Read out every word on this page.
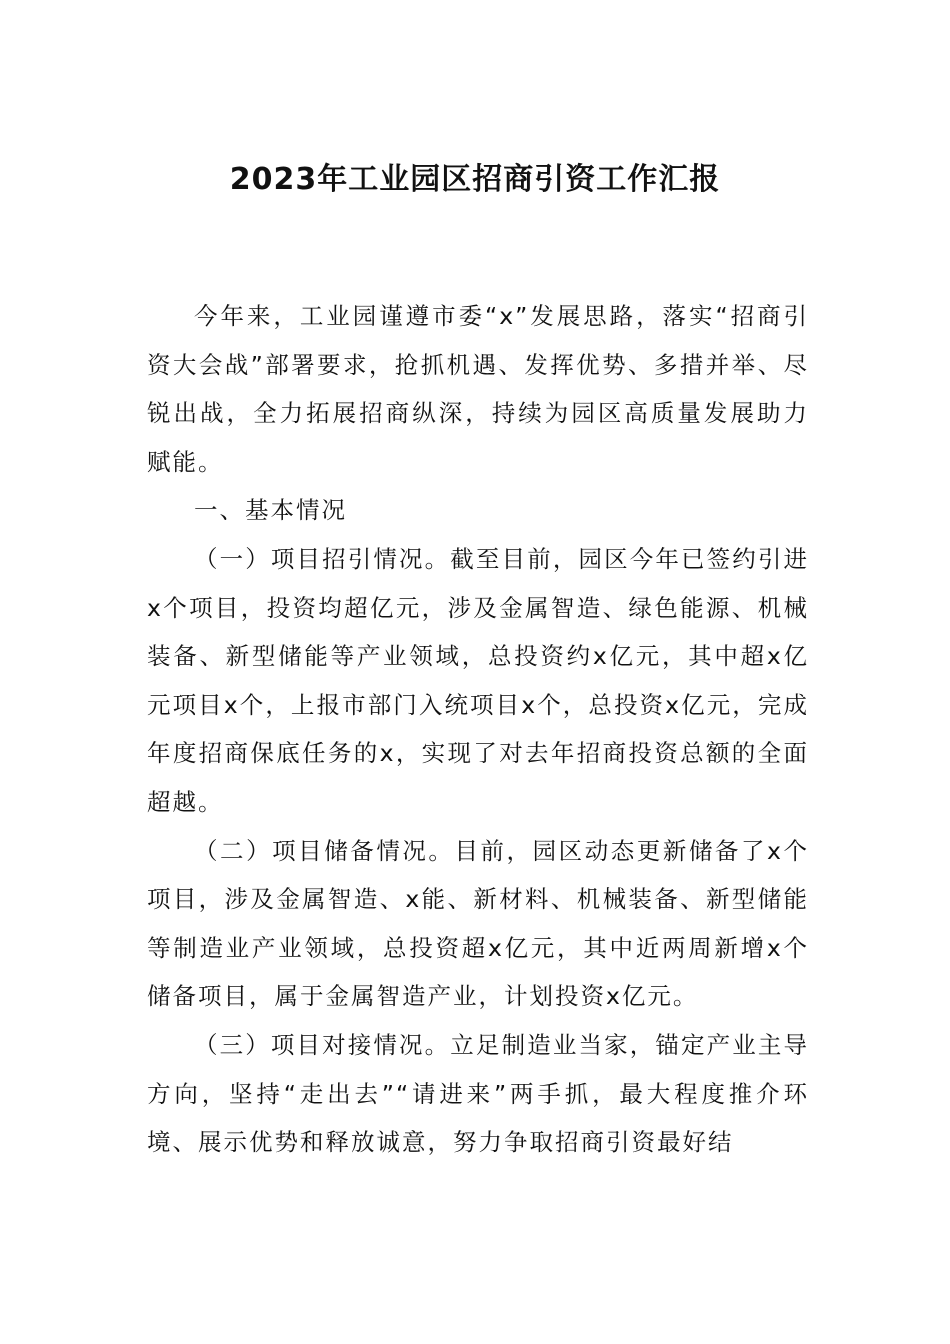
2023年工业园区招商引资工作汇报

今年来，工业园谨遵市委“x”发展思路，落实“招商引资大会战”部署要求，抢抓机遇、发挥优势、多措并举、尽锐出战，全力拓展招商纵深，持续为园区高质量发展助力赋能。

一、基本情况

（一）项目招引情况。截至目前，园区今年已签约引进x个项目，投资均超亿元，涉及金属智造、绿色能源、机械装备、新型储能等产业领域，总投资约x亿元，其中超x亿元项目x个，上报市部门入统项目x个，总投资x亿元，完成年度招商保底任务的x，实现了对去年招商投资总额的全面超越。

（二）项目储备情况。目前，园区动态更新储备了x个项目，涉及金属智造、x能、新材料、机械装备、新型储能等制造业产业领域，总投资超x亿元，其中近两周新增x个储备项目，属于金属智造产业，计划投资x亿元。

（三）项目对接情况。立足制造业当家，锚定产业主导方向，坚持“走出去”“请进来”两手抓，最大程度推介环境、展示优势和释放诚意，努力争取招商引资最好结
